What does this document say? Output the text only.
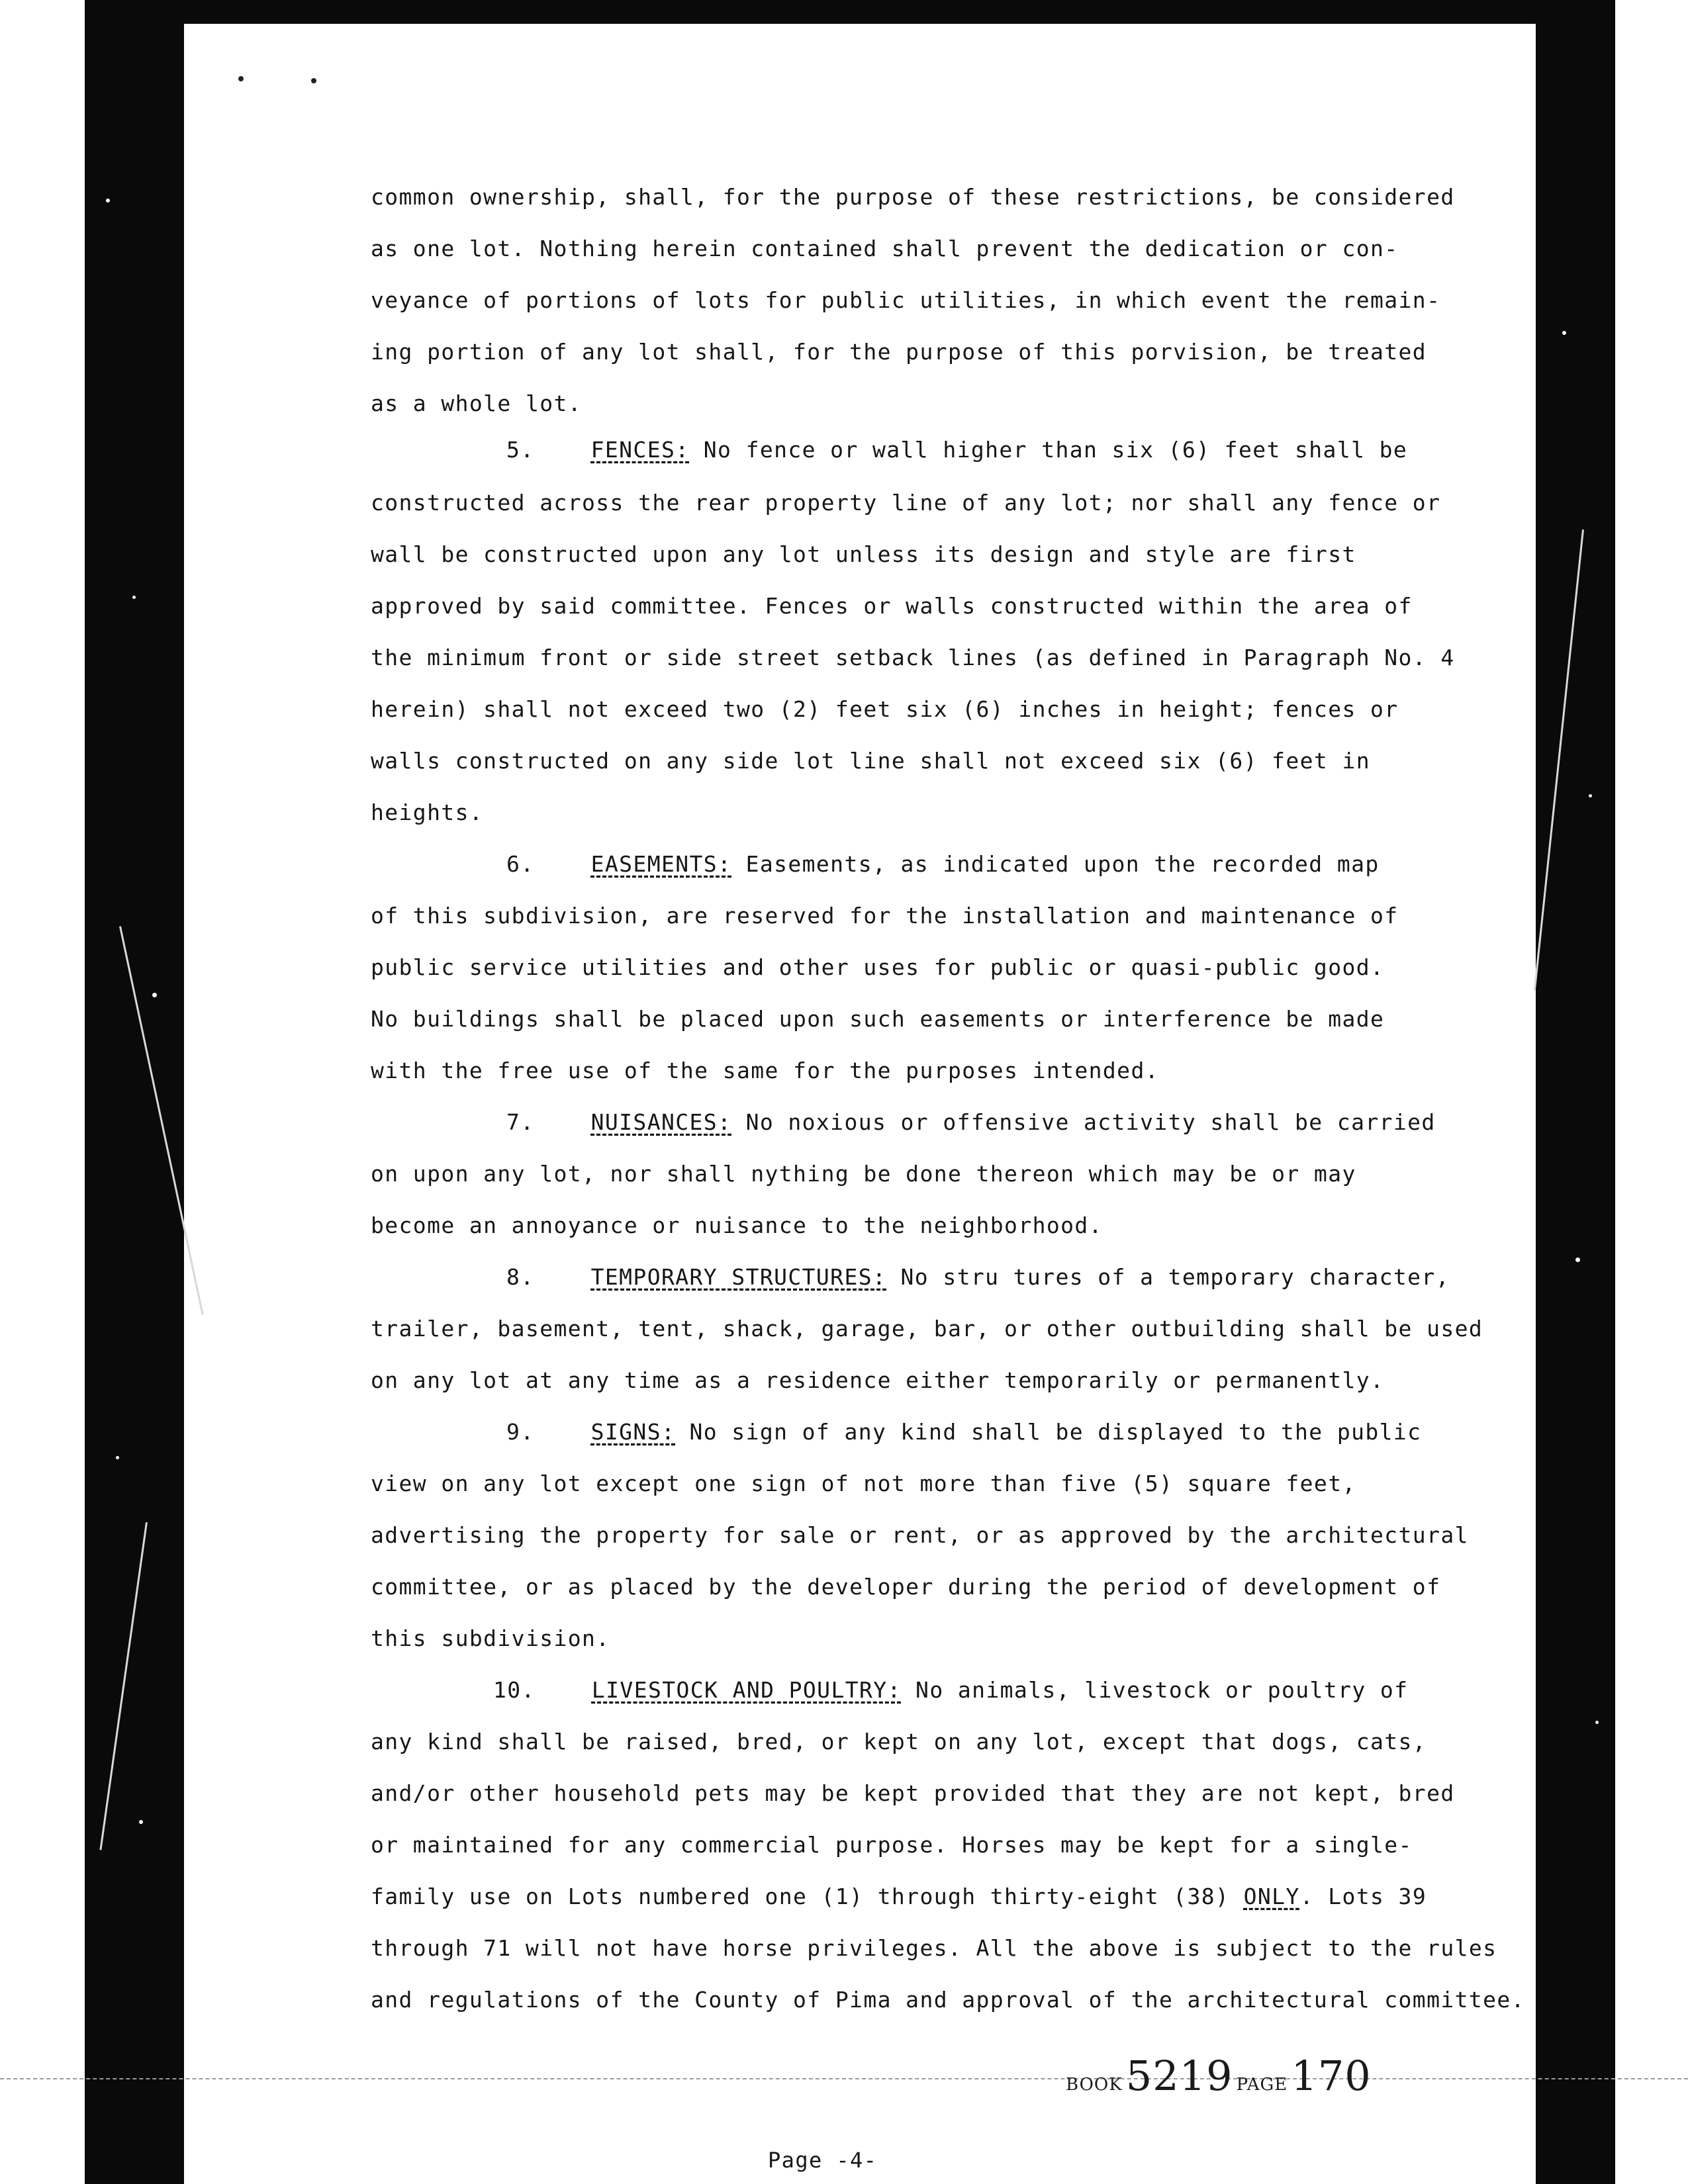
common ownership, shall, for the purpose of these restrictions, be considered
as one lot. Nothing herein contained shall prevent the dedication or con-
veyance of portions of lots for public utilities, in which event the remain-
ing portion of any lot shall, for the purpose of this porvision, be treated
as a whole lot.
5.	FENCES: No fence or wall higher than six (6) feet shall be
constructed across the rear property line of any lot; nor shall any fence or
wall be constructed upon any lot unless its design and style are first
approved by said committee. Fences or walls constructed within the area of
the minimum front or side street setback lines (as defined in Paragraph No. 4
herein) shall not exceed two (2) feet six (6) inches in height; fences or
walls constructed on any side lot line shall not exceed six (6) feet in
heights.
6.	EASEMENTS: Easements, as indicated upon the recorded map
of this subdivision, are reserved for the installation and maintenance of
public service utilities and other uses for public or quasi-public good.
No buildings shall be placed upon such easements or interference be made
with the free use of the same for the purposes intended.
7.	NUISANCES: No noxious or offensive activity shall be carried
on upon any lot, nor shall nything be done thereon which may be or may
become an annoyance or nuisance to the neighborhood.
8.	TEMPORARY STRUCTURES: No stru tures of a temporary character,
trailer, basement, tent, shack, garage, bar, or other outbuilding shall be used
on any lot at any time as a residence either temporarily or permanently.
9.	SIGNS: No sign of any kind shall be displayed to the public
view on any lot except one sign of not more than five (5) square feet,
advertising the property for sale or rent, or as approved by the architectural
committee, or as placed by the developer during the period of development of
this subdivision.
10.	LIVESTOCK AND POULTRY: No animals, livestock or poultry of
any kind shall be raised, bred, or kept on any lot, except that dogs, cats,
and/or other household pets may be kept provided that they are not kept, bred
or maintained for any commercial purpose. Horses may be kept for a single-
family use on Lots numbered one (1) through thirty-eight (38) ONLY. Lots 39
through 71 will not have horse privileges. All the above is subject to the rules
and regulations of the County of Pima and approval of the architectural committee.
BOOK 5219 PAGE 170
Page -4-
